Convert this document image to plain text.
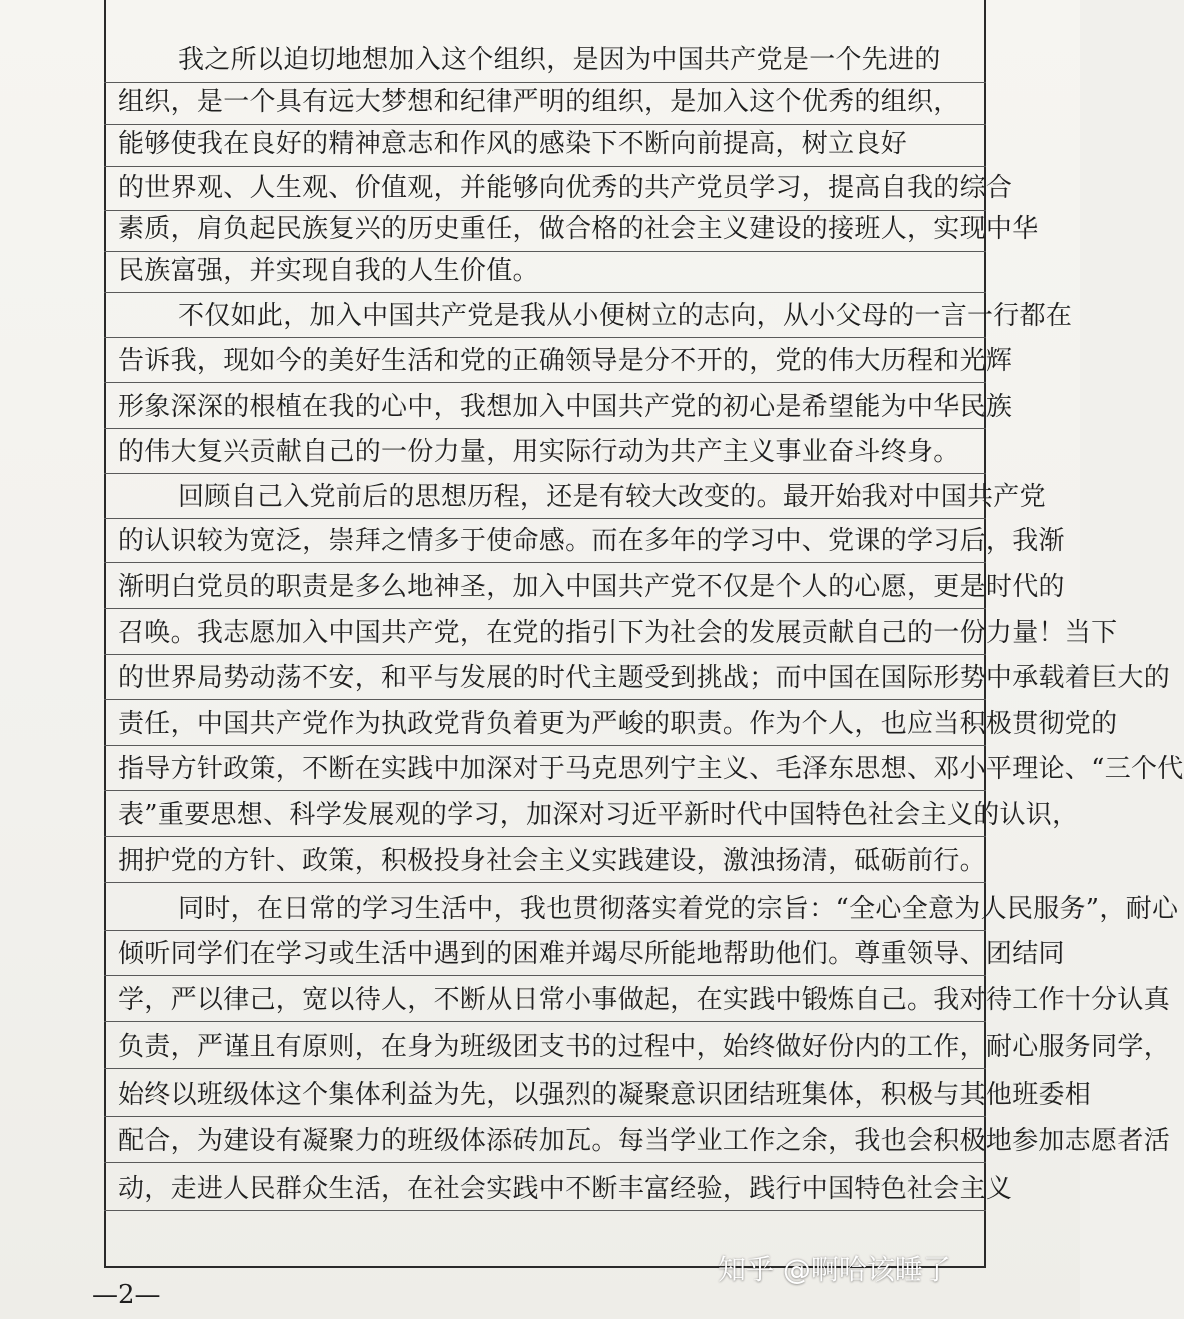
我之所以迫切地想加入这个组织，是因为中国共产党是一个先进的
组织，是一个具有远大梦想和纪律严明的组织，是加入这个优秀的组织，
能够使我在良好的精神意志和作风的感染下不断向前提高，树立良好
的世界观、人生观、价值观，并能够向优秀的共产党员学习，提高自我的综合
素质，肩负起民族复兴的历史重任，做合格的社会主义建设的接班人，实现中华
民族富强，并实现自我的人生价值。
不仅如此，加入中国共产党是我从小便树立的志向，从小父母的一言一行都在
告诉我，现如今的美好生活和党的正确领导是分不开的，党的伟大历程和光辉
形象深深的根植在我的心中，我想加入中国共产党的初心是希望能为中华民族
的伟大复兴贡献自己的一份力量，用实际行动为共产主义事业奋斗终身。
回顾自己入党前后的思想历程，还是有较大改变的。最开始我对中国共产党
的认识较为宽泛，崇拜之情多于使命感。而在多年的学习中、党课的学习后，我渐
渐明白党员的职责是多么地神圣，加入中国共产党不仅是个人的心愿，更是时代的
召唤。我志愿加入中国共产党，在党的指引下为社会的发展贡献自己的一份力量！当下
的世界局势动荡不安，和平与发展的时代主题受到挑战；而中国在国际形势中承载着巨大的
责任，中国共产党作为执政党背负着更为严峻的职责。作为个人，也应当积极贯彻党的
指导方针政策，不断在实践中加深对于马克思列宁主义、毛泽东思想、邓小平理论、“三个代
表”重要思想、科学发展观的学习，加深对习近平新时代中国特色社会主义的认识，
拥护党的方针、政策，积极投身社会主义实践建设，激浊扬清，砥砺前行。
同时，在日常的学习生活中，我也贯彻落实着党的宗旨：“全心全意为人民服务”，耐心
倾听同学们在学习或生活中遇到的困难并竭尽所能地帮助他们。尊重领导、团结同
学，严以律己，宽以待人，不断从日常小事做起，在实践中锻炼自己。我对待工作十分认真
负责，严谨且有原则，在身为班级团支书的过程中，始终做好份内的工作，耐心服务同学，
始终以班级体这个集体利益为先，以强烈的凝聚意识团结班集体，积极与其他班委相
配合，为建设有凝聚力的班级体添砖加瓦。每当学业工作之余，我也会积极地参加志愿者活
动，走进人民群众生活，在社会实践中不断丰富经验，践行中国特色社会主义
—2—
知乎 @啊哈该睡了
